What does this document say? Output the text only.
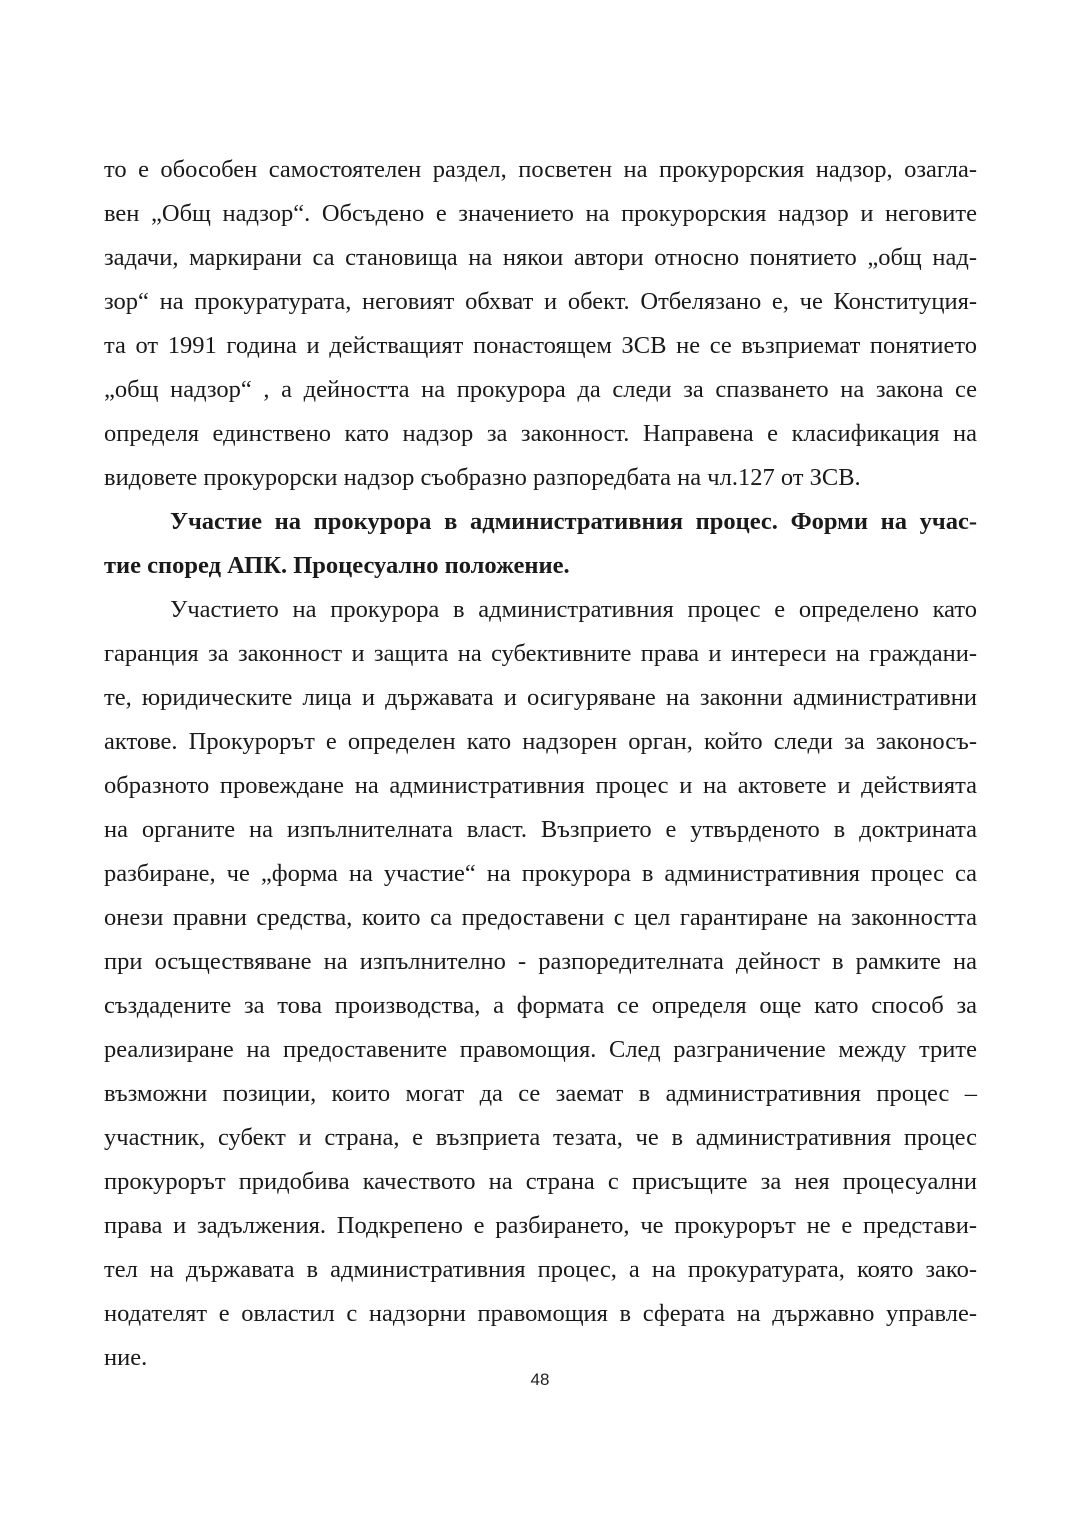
то е обособен самостоятелен раздел, посветен на прокурорския надзор, озагла-
вен „Общ надзор“. Обсъдено е значението на прокурорския надзор и неговите
задачи, маркирани са становища на някои автори относно понятието „общ над-
зор“ на прокуратурата, неговият обхват и обект. Отбелязано е, че Конституция-
та от 1991 година и действащият понастоящем ЗСВ не се възприемат понятието
„общ надзор“ , а дейността на прокурора да следи за спазването на закона се
определя единствено като надзор за законност. Направена е класификация на
видовете прокурорски надзор съобразно разпоредбата на чл.127 от ЗСВ.
Участие на прокурора в административния процес. Форми на учас-
тие според АПК. Процесуално положение.
Участието на прокурора в административния процес е определено като
гаранция за законност и защита на субективните права и интереси на граждани-
те, юридическите лица и държавата и осигуряване на законни административни
актове. Прокурорът е определен като надзорен орган, който следи за законосъ-
образното провеждане на административния процес и на актовете и действията
на органите на изпълнителната власт. Възприето е утвърденото в доктрината
разбиране, че „форма на участие“ на прокурора в административния процес са
онези правни средства, които са предоставени с цел гарантиране на законността
при осъществяване на изпълнително - разпоредителната дейност в рамките на
създадените за това производства, а формата се определя още като способ за
реализиране на предоставените правомощия. След разграничение между трите
възможни позиции, които могат да се заемат в административния процес –
участник, субект и страна, е възприета тезата, че в административния процес
прокурорът придобива качеството на страна с присъщите за нея процесуални
права и задължения. Подкрепено е разбирането, че прокурорът не е представи-
тел на държавата в административния процес, а на прокуратурата, която зако-
нодателят е овластил с надзорни правомощия в сферата на държавно управле-
ние.
48
